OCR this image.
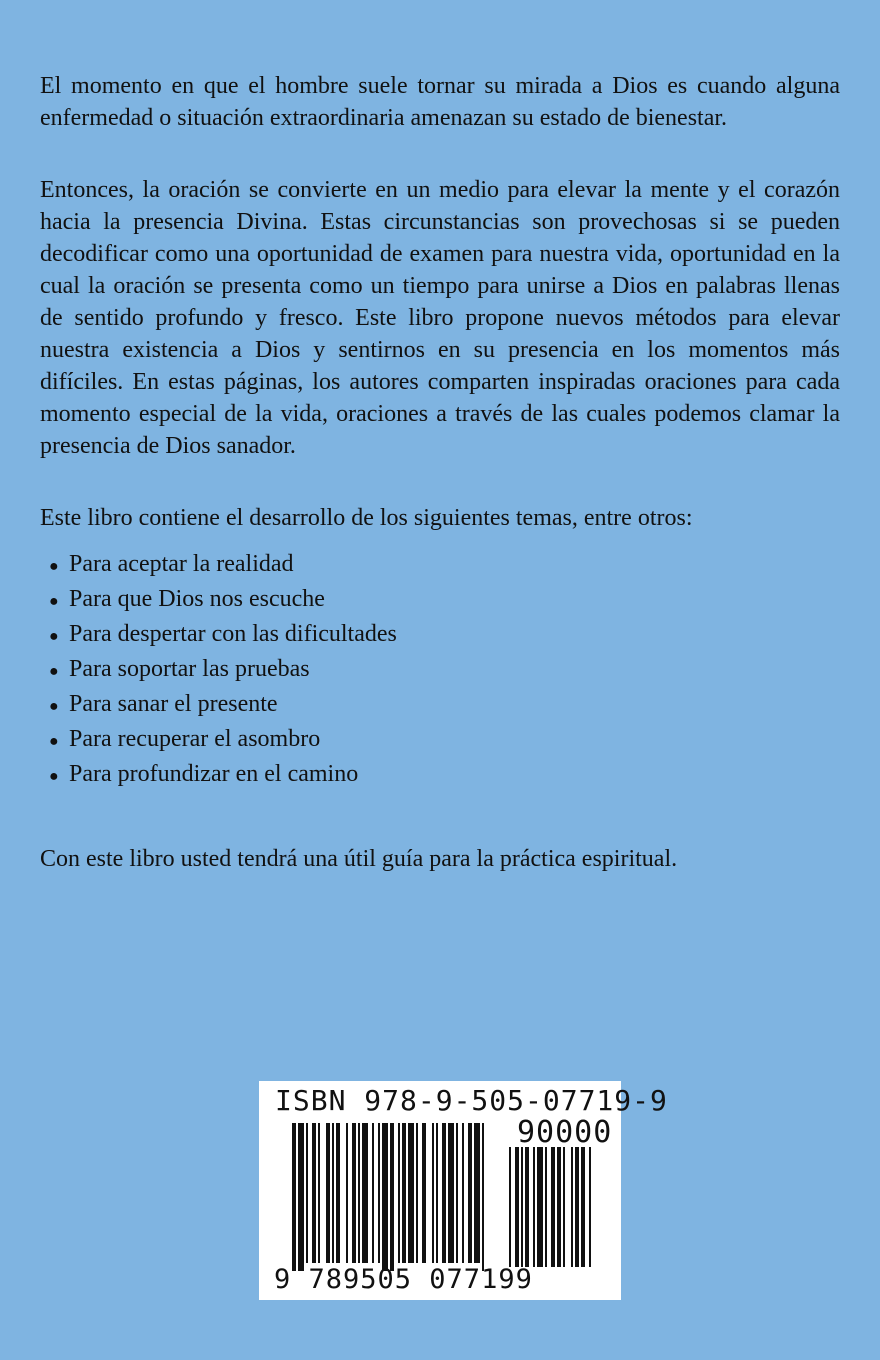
El momento en que el hombre suele tornar su mirada a Dios es cuando alguna enfermedad o situación extraordinaria amenazan su estado de bienestar.

Entonces, la oración se convierte en un medio para elevar la mente y el corazón hacia la presencia Divina. Estas circunstancias son provechosas si se pueden decodificar como una oportunidad de examen para nuestra vida, oportunidad en la cual la oración se presenta como un tiempo para unirse a Dios en palabras llenas de sentido profundo y fresco. Este libro propone nuevos métodos para elevar nuestra existencia a Dios y sentirnos en su presencia en los momentos más difíciles. En estas páginas, los autores comparten inspiradas oraciones para cada momento especial de la vida, oraciones a través de las cuales podemos clamar la presencia de Dios sanador.

Este libro contiene el desarrollo de los siguientes temas, entre otros:

● Para aceptar la realidad
● Para que Dios nos escuche
● Para despertar con las dificultades
● Para soportar las pruebas
● Para sanar el presente
● Para recuperar el asombro
● Para profundizar en el camino

Con este libro usted tendrá una útil guía para la práctica espiritual.

ISBN 978-9-505-07719-9
90000
9 789505 077199
